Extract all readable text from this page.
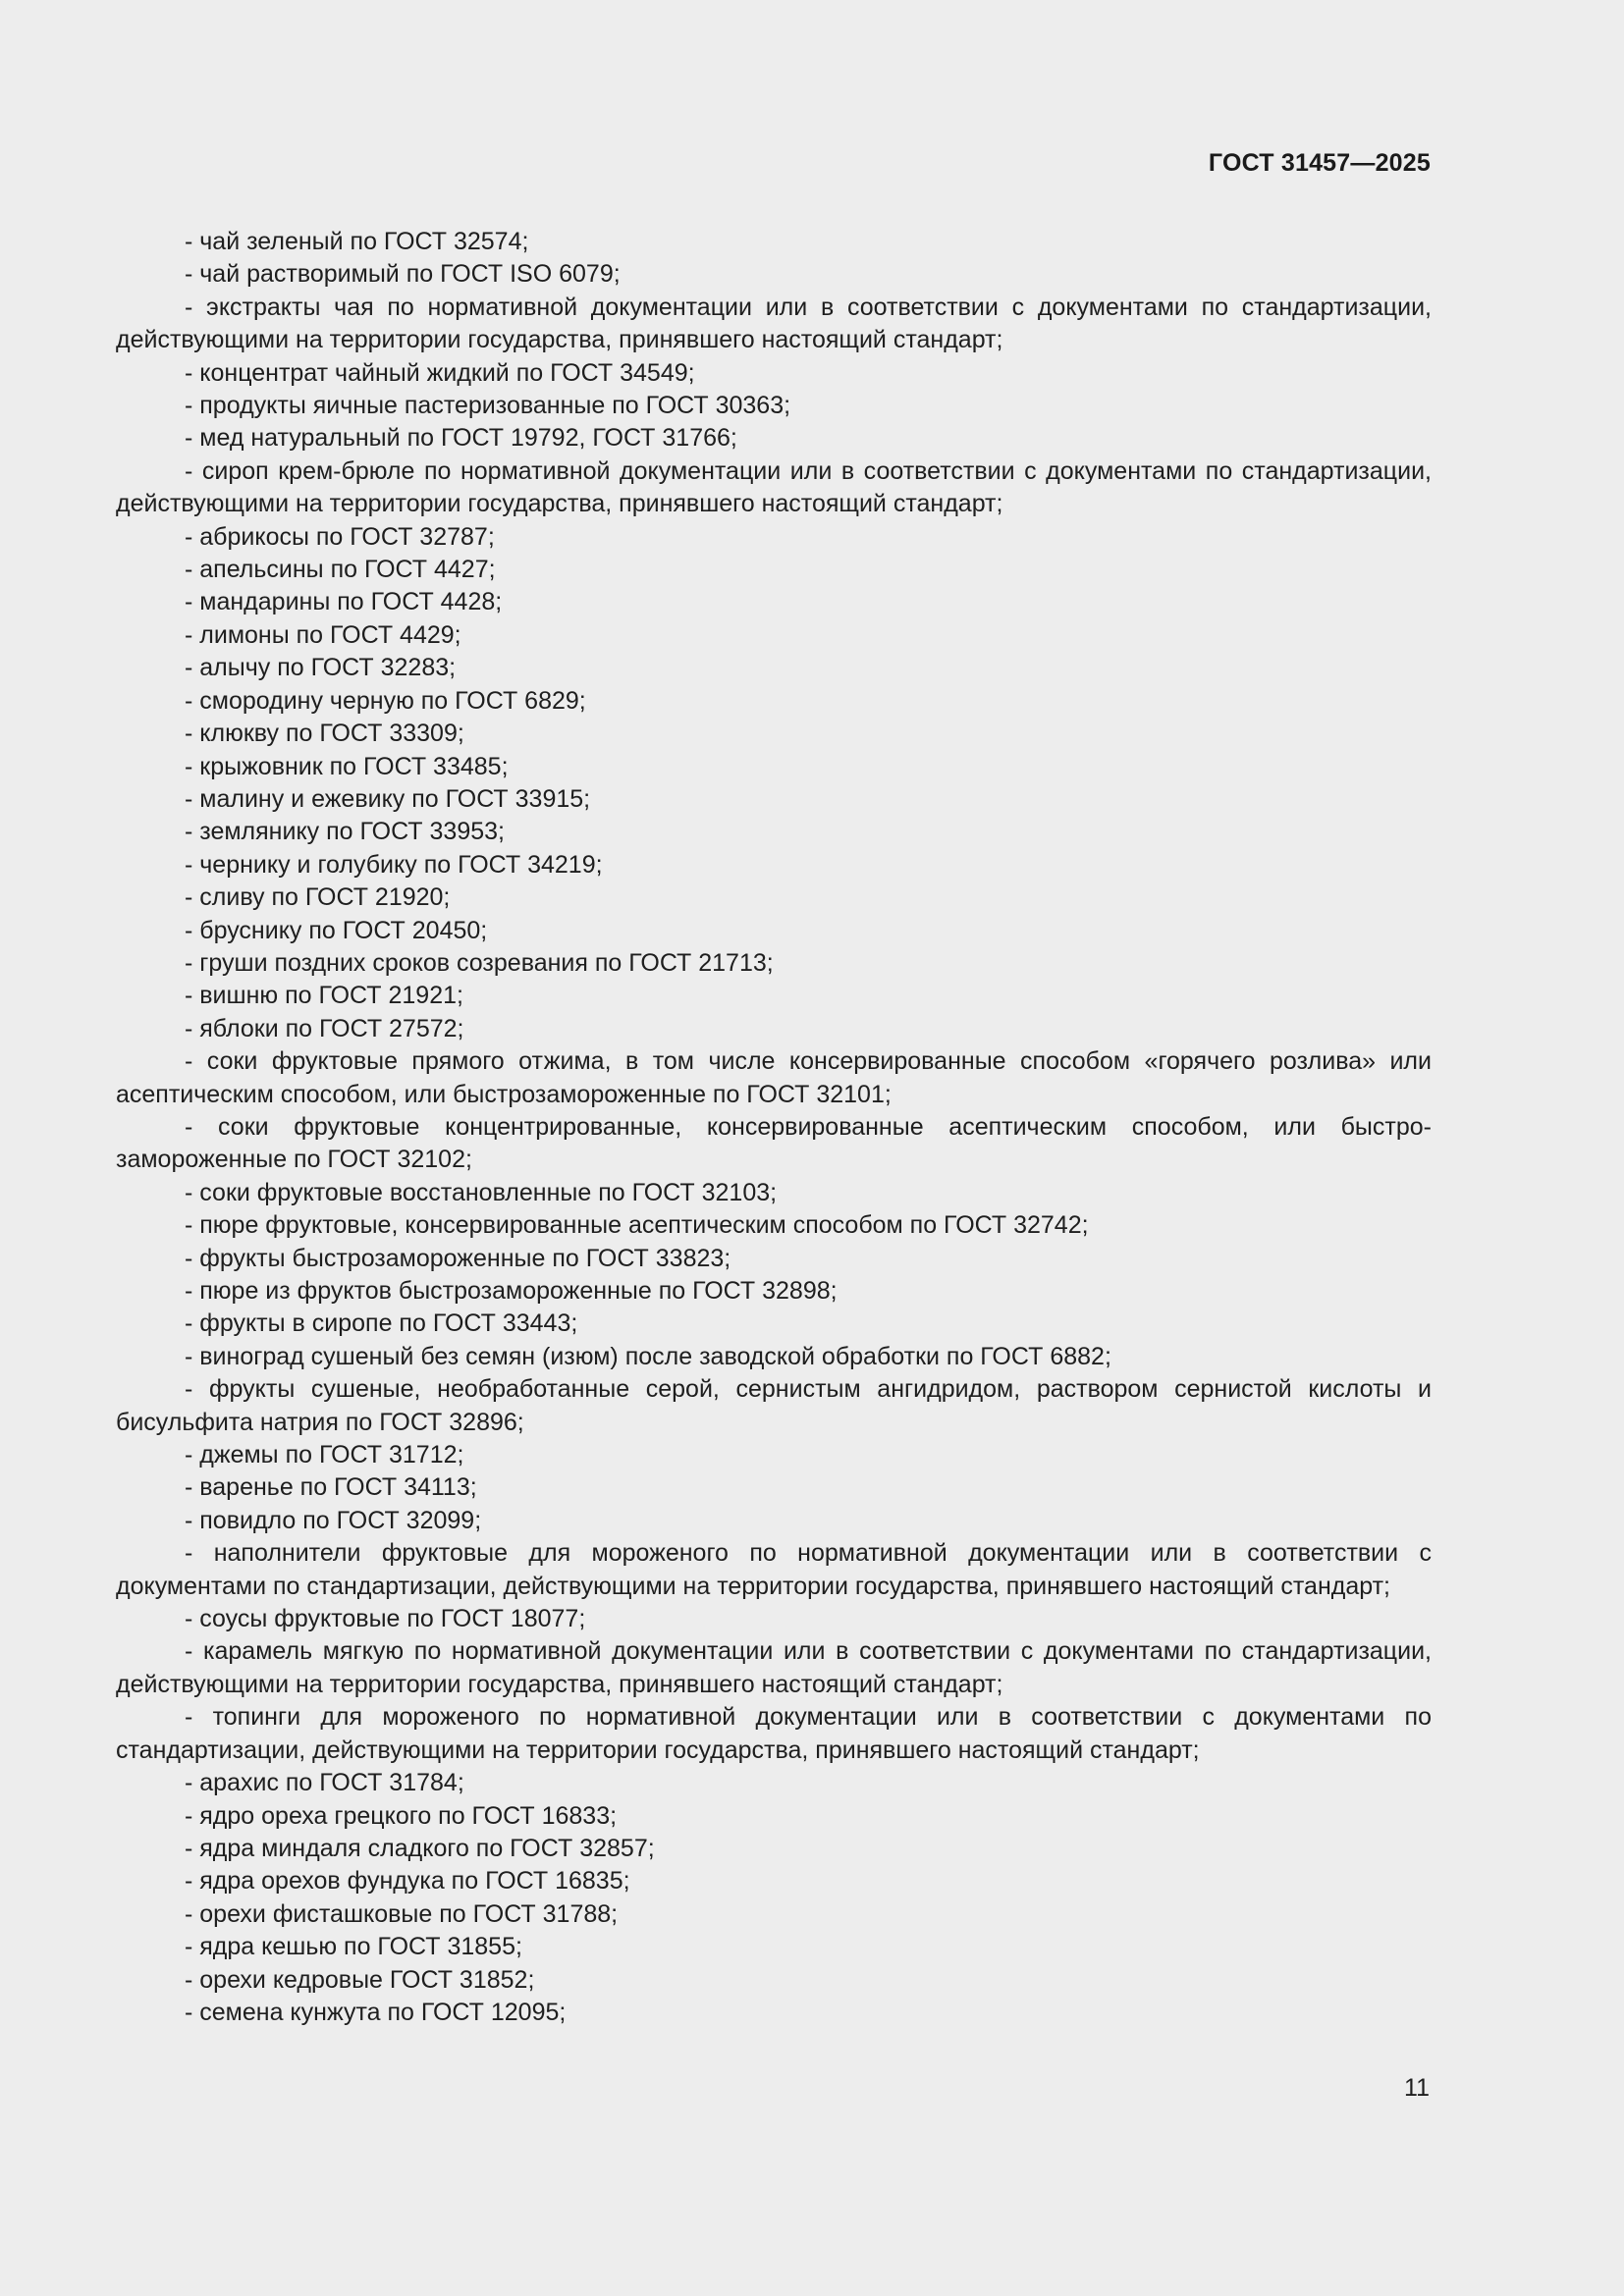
ГОСТ 31457—2025

- чай зеленый по ГОСТ 32574;

- чай растворимый по ГОСТ ISO 6079;

- экстракты чая по нормативной документации или в соответствии с документами по стандартизации, действующими на территории государства, принявшего настоящий стандарт;

- концентрат чайный жидкий по ГОСТ 34549;

- продукты яичные пастеризованные по ГОСТ 30363;

- мед натуральный по ГОСТ 19792, ГОСТ 31766;

- сироп крем-брюле по нормативной документации или в соответствии с документами по стандартизации, действующими на территории государства, принявшего настоящий стандарт;

- абрикосы по ГОСТ 32787;

- апельсины по ГОСТ 4427;

- мандарины по ГОСТ 4428;

- лимоны по ГОСТ 4429;

- алычу по ГОСТ 32283;

- смородину черную по ГОСТ 6829;

- клюкву по ГОСТ 33309;

- крыжовник по ГОСТ 33485;

- малину и ежевику по ГОСТ 33915;

- землянику по ГОСТ 33953;

- чернику и голубику по ГОСТ 34219;

- сливу по ГОСТ 21920;

- бруснику по ГОСТ 20450;

- груши поздних сроков созревания по ГОСТ 21713;

- вишню по ГОСТ 21921;

- яблоки по ГОСТ 27572;

- соки фруктовые прямого отжима, в том числе консервированные способом «горячего розлива» или асептическим способом, или быстрозамороженные по ГОСТ 32101;

- соки фруктовые концентрированные, консервированные асептическим способом, или быстрозамороженные по ГОСТ 32102;

- соки фруктовые восстановленные по ГОСТ 32103;

- пюре фруктовые, консервированные асептическим способом по ГОСТ 32742;

- фрукты быстрозамороженные по ГОСТ 33823;

- пюре из фруктов быстрозамороженные по ГОСТ 32898;

- фрукты в сиропе по ГОСТ 33443;

- виноград сушеный без семян (изюм) после заводской обработки по ГОСТ 6882;

- фрукты сушеные, необработанные серой, сернистым ангидридом, раствором сернистой кислоты и бисульфита натрия по ГОСТ 32896;

- джемы по ГОСТ 31712;

- варенье по ГОСТ 34113;

- повидло по ГОСТ 32099;

- наполнители фруктовые для мороженого по нормативной документации или в соответствии с документами по стандартизации, действующими на территории государства, принявшего настоящий стандарт;

- соусы фруктовые по ГОСТ 18077;

- карамель мягкую по нормативной документации или в соответствии с документами по стандартизации, действующими на территории государства, принявшего настоящий стандарт;

- топинги для мороженого по нормативной документации или в соответствии с документами по стандартизации, действующими на территории государства, принявшего настоящий стандарт;

- арахис по ГОСТ 31784;

- ядро ореха грецкого по ГОСТ 16833;

- ядра миндаля сладкого по ГОСТ 32857;

- ядра орехов фундука по ГОСТ 16835;

- орехи фисташковые по ГОСТ 31788;

- ядра кешью по ГОСТ 31855;

- орехи кедровые ГОСТ 31852;

- семена кунжута по ГОСТ 12095;

11
